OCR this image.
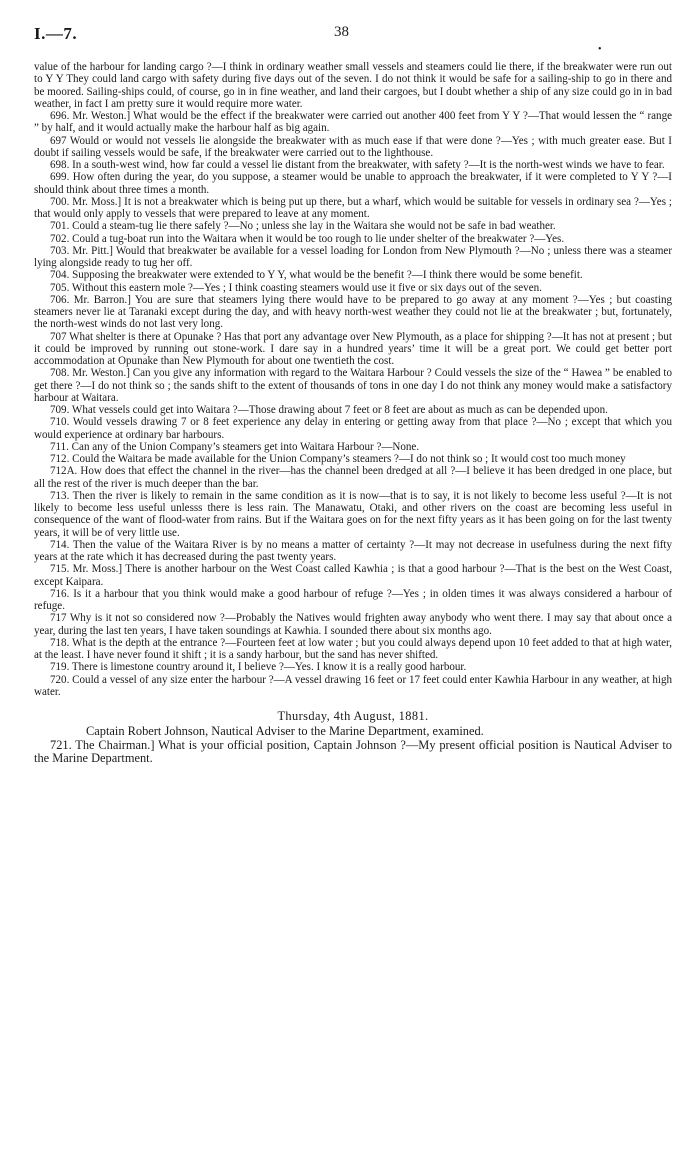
I.—7.	38
•

value of the harbour for landing cargo ?—I think in ordinary weather small vessels and steamers could lie there, if the breakwater were run out to Y Y They could land cargo with safety during five days out of the seven. I do not think it would be safe for a sailing-ship to go in there and be moored. Sailing-ships could, of course, go in in fine weather, and land their cargoes, but I doubt whether a ship of any size could go in in bad weather, in fact I am pretty sure it would require more water.

696. Mr. Weston.] What would be the effect if the breakwater were carried out another 400 feet from Y Y ?—That would lessen the “ range ” by half, and it would actually make the harbour half as big again.

697 Would or would not vessels lie alongside the breakwater with as much ease if that were done ?—Yes ; with much greater ease. But I doubt if sailing vessels would be safe, if the breakwater were carried out to the lighthouse.

698. In a south-west wind, how far could a vessel lie distant from the breakwater, with safety ?—It is the north-west winds we have to fear.

699. How often during the year, do you suppose, a steamer would be unable to approach the breakwater, if it were completed to Y Y ?—I should think about three times a month.

700. Mr. Moss.] It is not a breakwater which is being put up there, but a wharf, which would be suitable for vessels in ordinary sea ?—Yes ; that would only apply to vessels that were prepared to leave at any moment.

701. Could a steam-tug lie there safely ?—No ; unless she lay in the Waitara she would not be safe in bad weather.

702. Could a tug-boat run into the Waitara when it would be too rough to lie under shelter of the breakwater ?—Yes.

703. Mr. Pitt.] Would that breakwater be available for a vessel loading for London from New Plymouth ?—No ; unless there was a steamer lying alongside ready to tug her off.

704. Supposing the breakwater were extended to Y Y, what would be the benefit ?—I think there would be some benefit.

705. Without this eastern mole ?—Yes ; I think coasting steamers would use it five or six days out of the seven.

706. Mr. Barron.] You are sure that steamers lying there would have to be prepared to go away at any moment ?—Yes ; but coasting steamers never lie at Taranaki except during the day, and with heavy north-west weather they could not lie at the breakwater ; but, fortunately, the north-west winds do not last very long.

707 What shelter is there at Opunake ? Has that port any advantage over New Plymouth, as a place for shipping ?—It has not at present ; but it could be improved by running out stone-work. I dare say in a hundred years’ time it will be a great port. We could get better port accommodation at Opunake than New Plymouth for about one twentieth the cost.

708. Mr. Weston.] Can you give any information with regard to the Waitara Harbour ? Could vessels the size of the “ Hawea ” be enabled to get there ?—I do not think so ; the sands shift to the extent of thousands of tons in one day I do not think any money would make a satisfactory harbour at Waitara.

709. What vessels could get into Waitara ?—Those drawing about 7 feet or 8 feet are about as much as can be depended upon.

710. Would vessels drawing 7 or 8 feet experience any delay in entering or getting away from that place ?—No ; except that which you would experience at ordinary bar harbours.

711. Can any of the Union Company’s steamers get into Waitara Harbour ?—None.

712. Could the Waitara be made available for the Union Company’s steamers ?—I do not think so ; It would cost too much money

712A. How does that effect the channel in the river—has the channel been dredged at all ?—I believe it has been dredged in one place, but all the rest of the river is much deeper than the bar.

713. Then the river is likely to remain in the same condition as it is now—that is to say, it is not likely to become less useful ?—It is not likely to become less useful unlesss there is less rain. The Manawatu, Otaki, and other rivers on the coast are becoming less useful in consequence of the want of flood-water from rains. But if the Waitara goes on for the next fifty years as it has been going on for the last twenty years, it will be of very little use.

714. Then the value of the Waitara River is by no means a matter of certainty ?—It may not decrease in usefulness during the next fifty years at the rate which it has decreased during the past twenty years.

715. Mr. Moss.] There is another harbour on the West Coast called Kawhia ; is that a good harbour ?—That is the best on the West Coast, except Kaipara.

716. Is it a harbour that you think would make a good harbour of refuge ?—Yes ; in olden times it was always considered a harbour of refuge.

717 Why is it not so considered now ?—Probably the Natives would frighten away anybody who went there. I may say that about once a year, during the last ten years, I have taken soundings at Kawhia. I sounded there about six months ago.

718. What is the depth at the entrance ?—Fourteen feet at low water ; but you could always depend upon 10 feet added to that at high water, at the least. I have never found it shift ; it is a sandy harbour, but the sand has never shifted.

719. There is limestone country around it, I believe ?—Yes. I know it is a really good harbour.

720. Could a vessel of any size enter the harbour ?—A vessel drawing 16 feet or 17 feet could enter Kawhia Harbour in any weather, at high water.

Thursday, 4th August, 1881.

Captain Robert Johnson, Nautical Adviser to the Marine Department, examined.

721. The Chairman.] What is your official position, Captain Johnson ?—My present official position is Nautical Adviser to the Marine Department.
